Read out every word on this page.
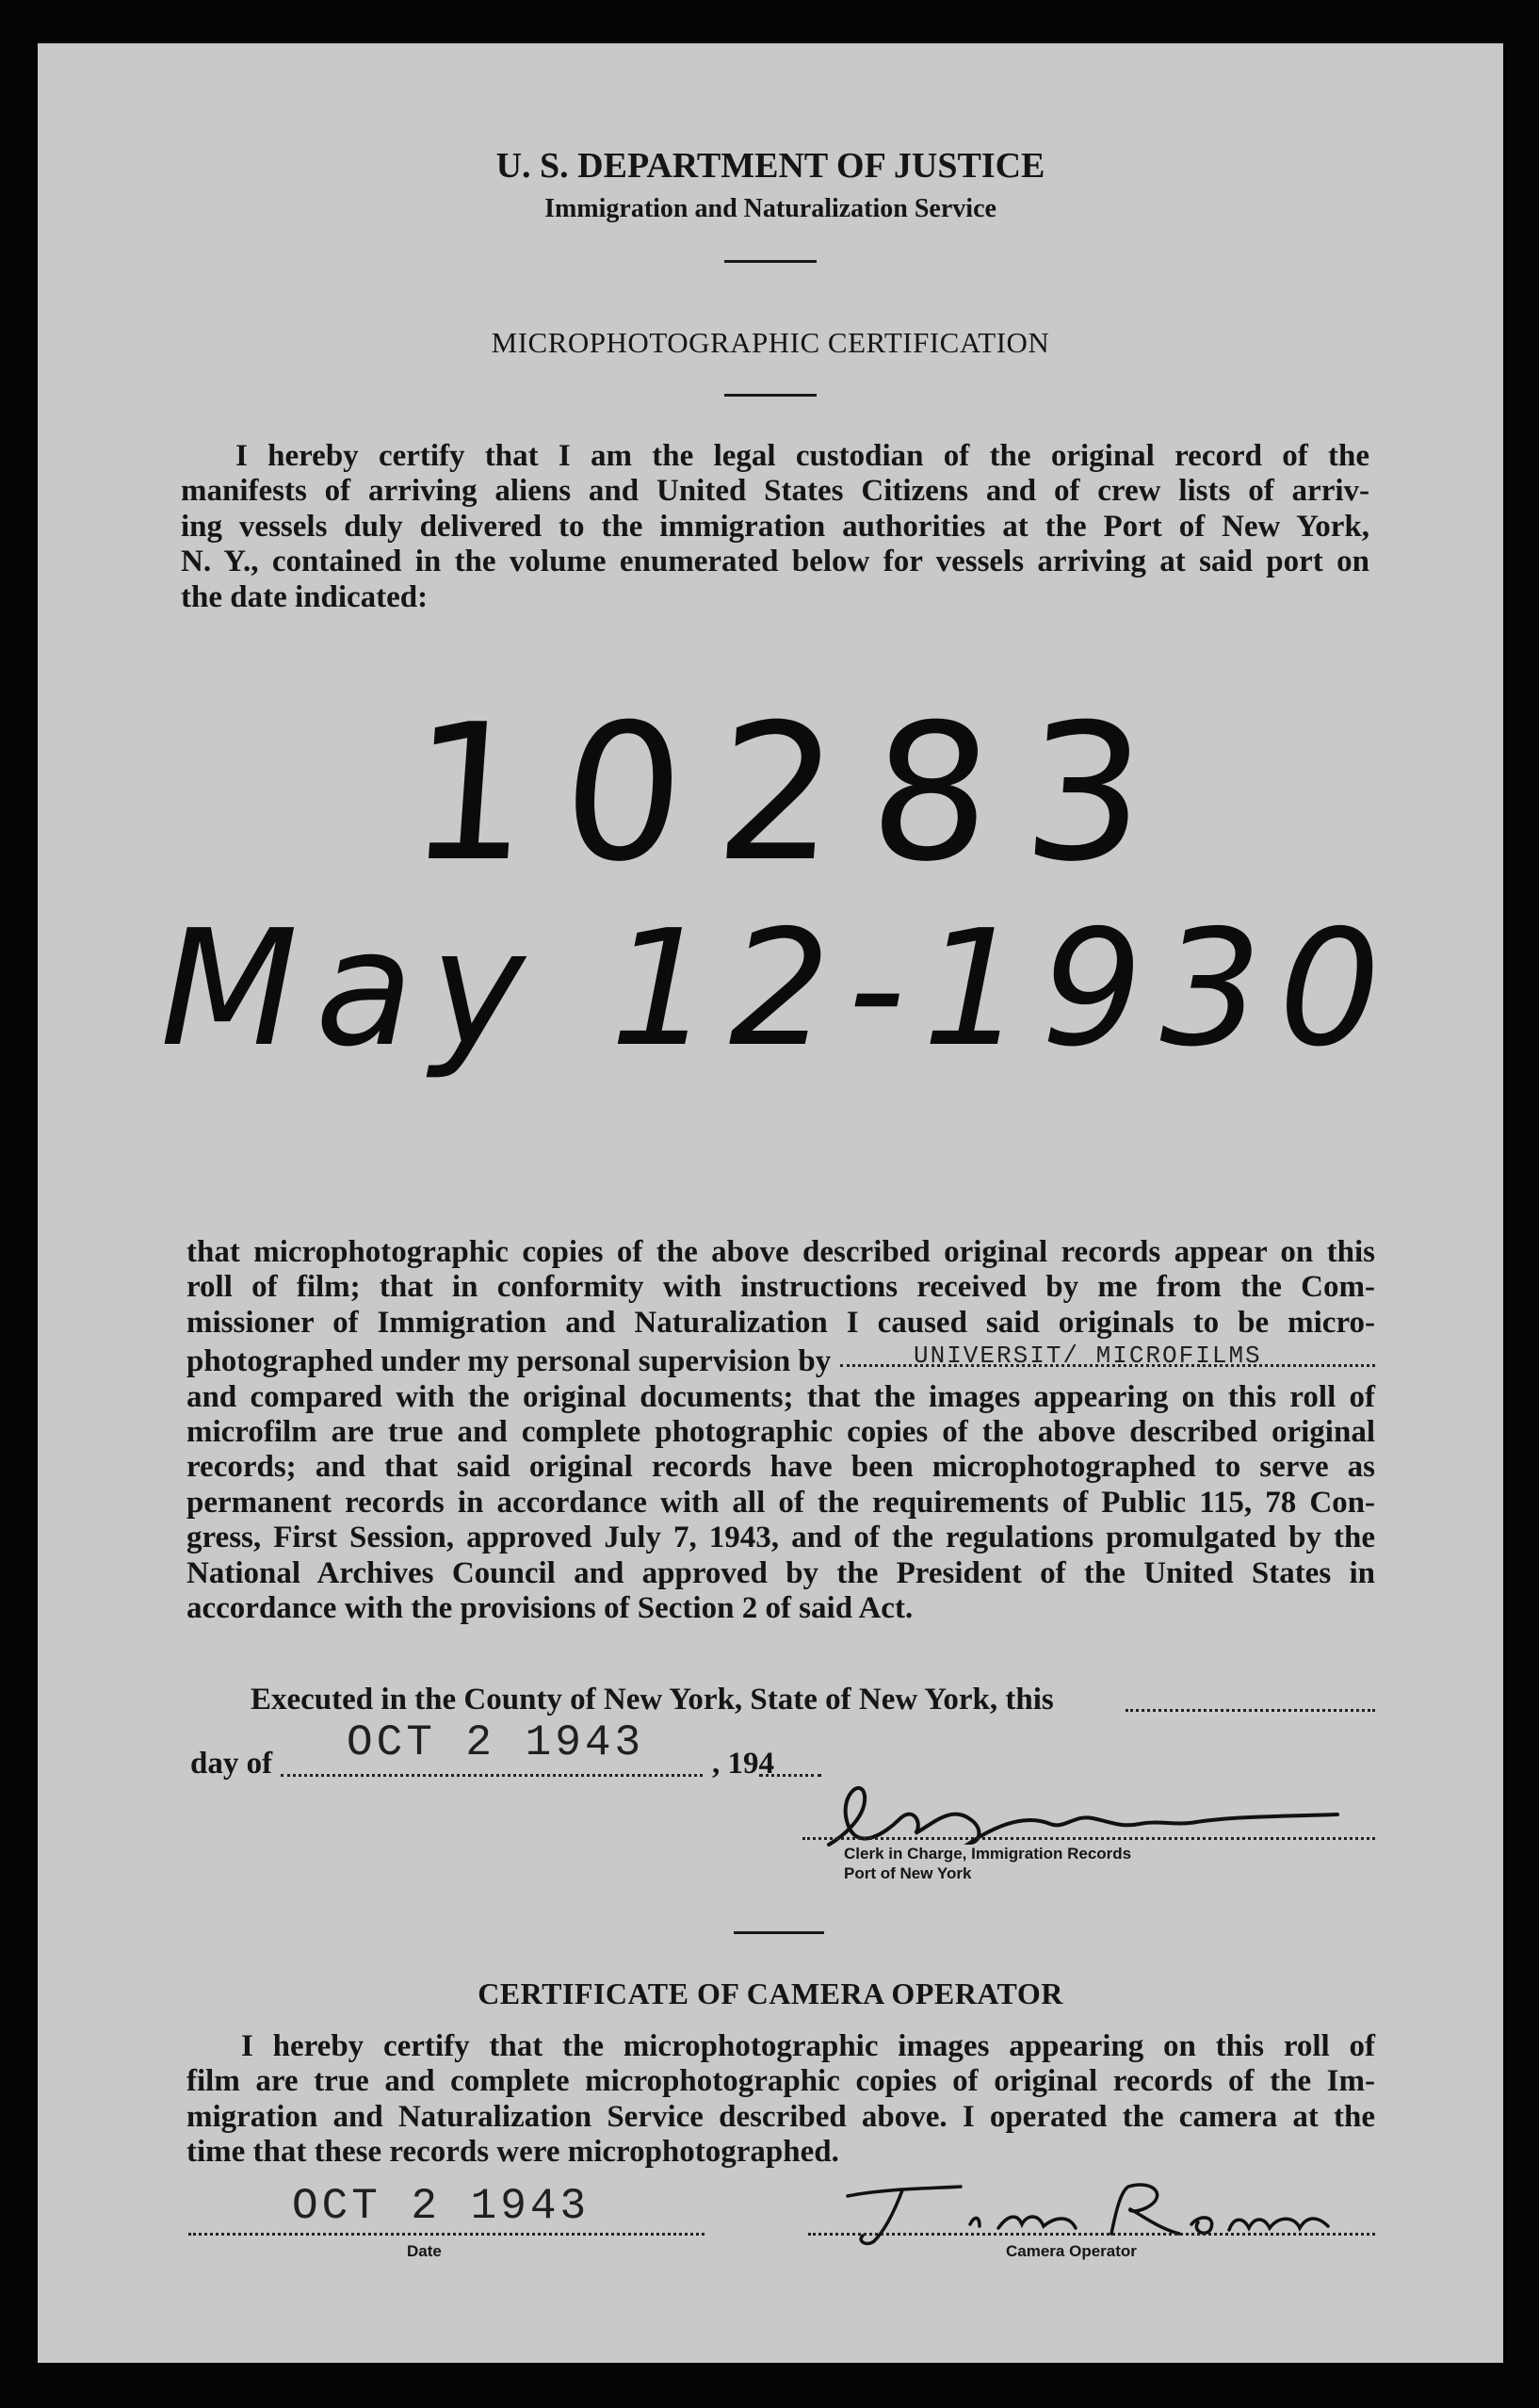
U. S. DEPARTMENT OF JUSTICE
Immigration and Naturalization Service
MICROPHOTOGRAPHIC CERTIFICATION
I hereby certify that I am the legal custodian of the original record of the
manifests of arriving aliens and United States Citizens and of crew lists of arriv-
ing vessels duly delivered to the immigration authorities at the Port of New York,
N. Y., contained in the volume enumerated below for vessels arriving at said port on
the date indicated:
10283
May 12-1930
that microphotographic copies of the above described original records appear on this
roll of film; that in conformity with instructions received by me from the Com-
missioner of Immigration and Naturalization I caused said originals to be micro-
photographed under my personal supervision by
and compared with the original documents; that the images appearing on this roll of
microfilm are true and complete photographic copies of the above described original
records; and that said original records have been microphotographed to serve as
permanent records in accordance with all of the requirements of Public 115, 78 Con-
gress, First Session, approved July 7, 1943, and of the regulations promulgated by the
National Archives Council and approved by the President of the United States in
accordance with the provisions of Section 2 of said Act.
UNIVERSIT/ MICROFILMS
Executed in the County of New York, State of New York, this
OCT 2 1943
day of	, 194
Clerk in Charge, Immigration Records
Port of New York
CERTIFICATE OF CAMERA OPERATOR
I hereby certify that the microphotographic images appearing on this roll of
film are true and complete microphotographic copies of original records of the Im-
migration and Naturalization Service described above. I operated the camera at the
time that these records were microphotographed.
OCT 2 1943
Date	Camera Operator
